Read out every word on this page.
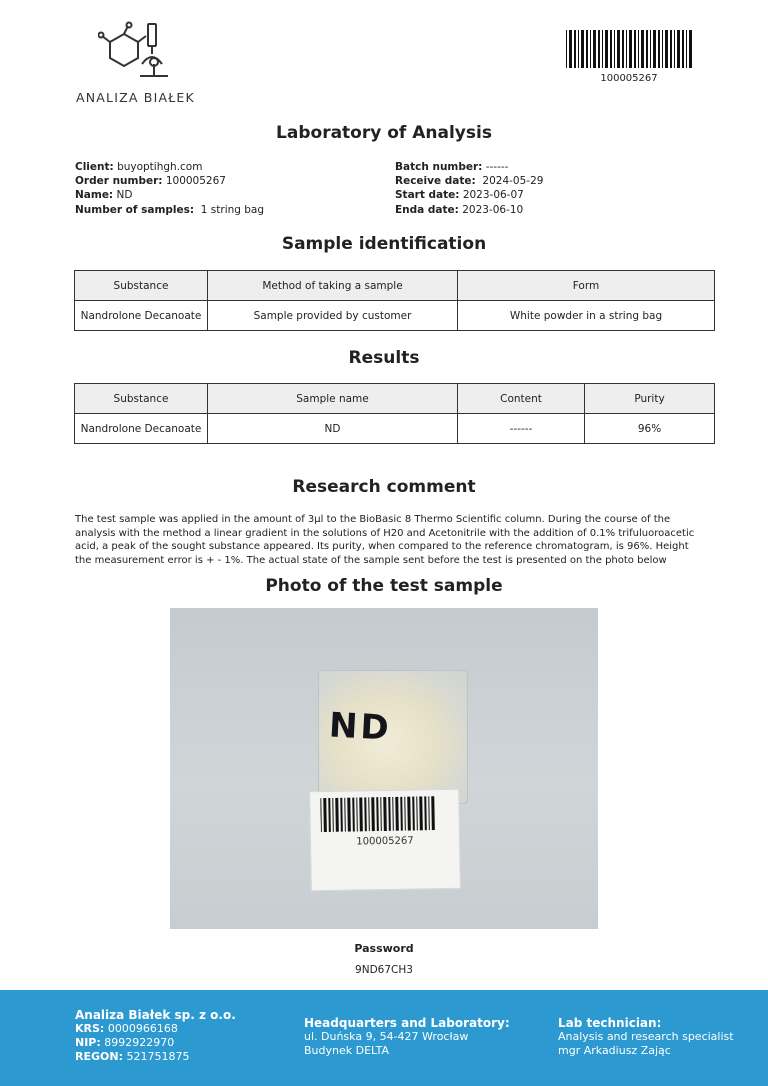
ANALIZA BIAŁEK
100005267
Laboratory of Analysis
Client: buyoptihgh.com
Order number: 100005267
Name: ND
Number of samples: 1 string bag
Batch number: ------
Receive date: 2024-05-29
Start date: 2023-06-07
Enda date: 2023-06-10
Sample identification
Substance	Method of taking a sample	Form
Nandrolone Decanoate	Sample provided by customer	White powder in a string bag
Results
Substance	Sample name	Content	Purity
Nandrolone Decanoate	ND	------	96%
Research comment
The test sample was applied in the amount of 3µl to the BioBasic 8 Thermo Scientific column. During the course of the analysis with the method a linear gradient in the solutions of H20 and Acetonitrile with the addition of 0.1% trifuluoroacetic acid, a peak of the sought substance appeared. Its purity, when compared to the reference chromatogram, is 96%. Height the measurement error is + - 1%. The actual state of the sample sent before the test is presented on the photo below
Photo of the test sample
ND
100005267
Password
9ND67CH3
Analiza Białek sp. z o.o.
KRS: 0000966168
NIP: 8992922970
REGON: 521751875
Headquarters and Laboratory:
ul. Duńska 9, 54-427 Wrocław
Budynek DELTA
Lab technician:
Analysis and research specialist
mgr Arkadiusz Zając
